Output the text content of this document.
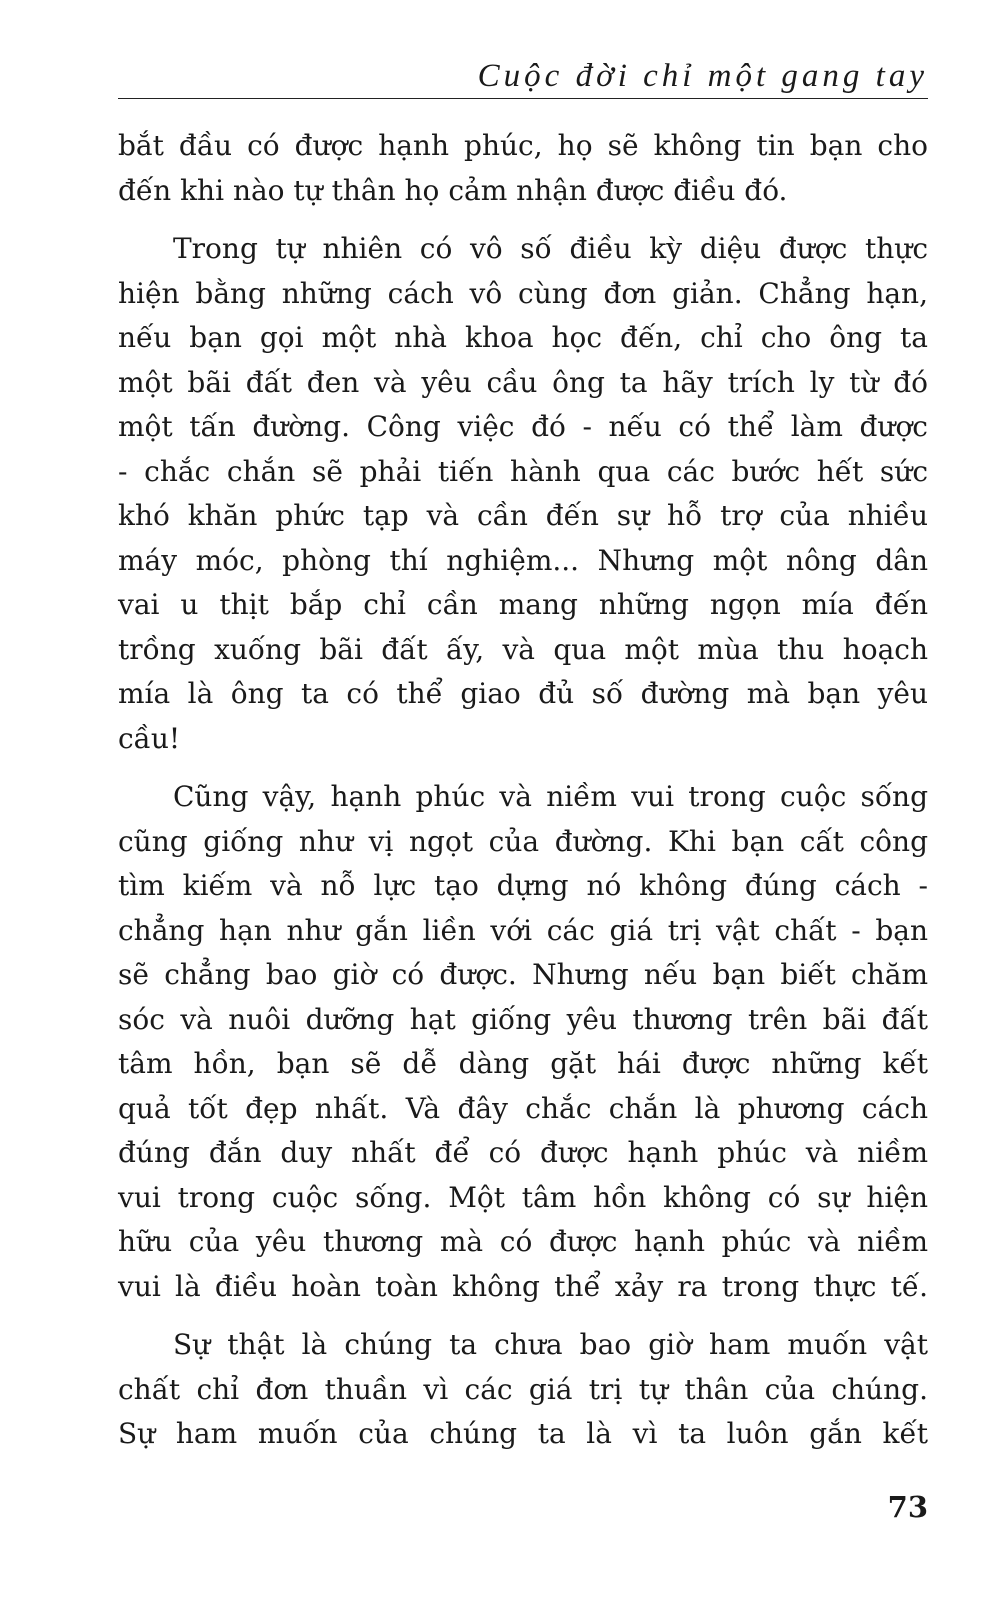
Cuộc đời chỉ một gang tay
bắt đầu có được hạnh phúc, họ sẽ không tin bạn cho
đến khi nào tự thân họ cảm nhận được điều đó.
Trong tự nhiên có vô số điều kỳ diệu được thực
hiện bằng những cách vô cùng đơn giản. Chẳng hạn,
nếu bạn gọi một nhà khoa học đến, chỉ cho ông ta
một bãi đất đen và yêu cầu ông ta hãy trích ly từ đó
một tấn đường. Công việc đó - nếu có thể làm được
- chắc chắn sẽ phải tiến hành qua các bước hết sức
khó khăn phức tạp và cần đến sự hỗ trợ của nhiều
máy móc, phòng thí nghiệm... Nhưng một nông dân
vai u thịt bắp chỉ cần mang những ngọn mía đến
trồng xuống bãi đất ấy, và qua một mùa thu hoạch
mía là ông ta có thể giao đủ số đường mà bạn yêu
cầu!
Cũng vậy, hạnh phúc và niềm vui trong cuộc sống
cũng giống như vị ngọt của đường. Khi bạn cất công
tìm kiếm và nỗ lực tạo dựng nó không đúng cách -
chẳng hạn như gắn liền với các giá trị vật chất - bạn
sẽ chẳng bao giờ có được. Nhưng nếu bạn biết chăm
sóc và nuôi dưỡng hạt giống yêu thương trên bãi đất
tâm hồn, bạn sẽ dễ dàng gặt hái được những kết
quả tốt đẹp nhất. Và đây chắc chắn là phương cách
đúng đắn duy nhất để có được hạnh phúc và niềm
vui trong cuộc sống. Một tâm hồn không có sự hiện
hữu của yêu thương mà có được hạnh phúc và niềm
vui là điều hoàn toàn không thể xảy ra trong thực tế.
Sự thật là chúng ta chưa bao giờ ham muốn vật
chất chỉ đơn thuần vì các giá trị tự thân của chúng.
Sự ham muốn của chúng ta là vì ta luôn gắn kết
73
